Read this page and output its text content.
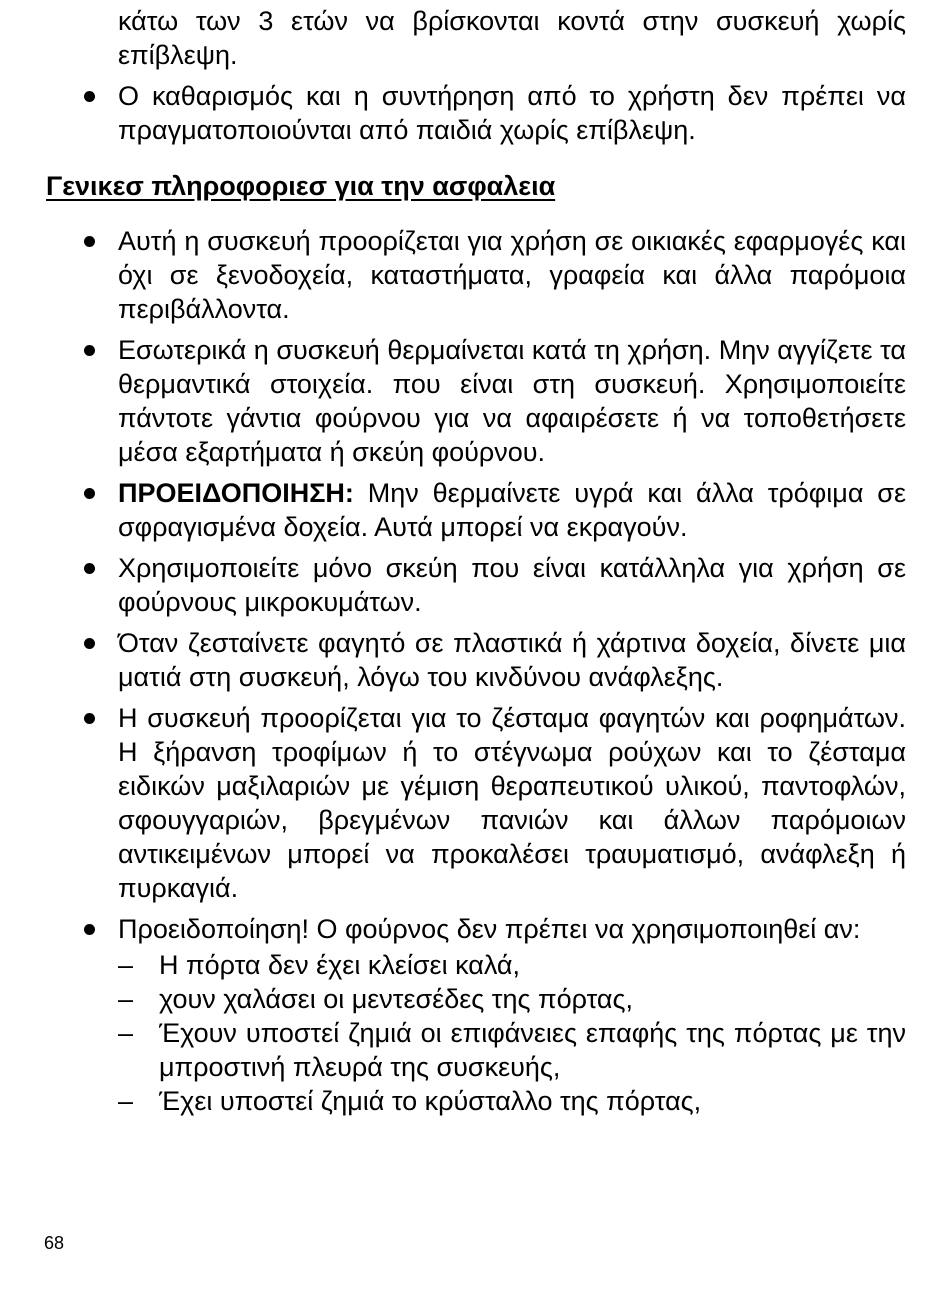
κάτω των 3 ετών να βρίσκονται κοντά στην συσκευή χωρίς επίβλεψη.
Ο καθαρισμός και η συντήρηση από το χρήστη δεν πρέπει να πραγματοποιούνται από παιδιά χωρίς επίβλεψη.
Γενικεσ πληροφοριεσ για την ασφαλεια
Αυτή η συσκευή προορίζεται για χρήση σε οικιακές εφαρμογές και όχι σε ξενοδοχεία, καταστήματα, γραφεία και άλλα παρόμοια περιβάλλοντα.
Εσωτερικά η συσκευή θερμαίνεται κατά τη χρήση. Μην αγγίζετε τα θερμαντικά στοιχεία. που είναι στη συσκευή. Χρησιμοποιείτε πάντοτε γάντια φούρνου για να αφαιρέσετε ή να τοποθετήσετε μέσα εξαρτήματα ή σκεύη φούρνου.
ΠΡΟΕΙΔΟΠΟΙΗΣΗ: Μην θερμαίνετε υγρά και άλλα τρόφιμα σε σφραγισμένα δοχεία. Αυτά μπορεί να εκραγούν.
Χρησιμοποιείτε μόνο σκεύη που είναι κατάλληλα για χρήση σε φούρνους μικροκυμάτων.
Όταν ζεσταίνετε φαγητό σε πλαστικά ή χάρτινα δοχεία, δίνετε μια ματιά στη συσκευή, λόγω του κινδύνου ανάφλεξης.
Η συσκευή προορίζεται για το ζέσταμα φαγητών και ροφημάτων. Η ξήρανση τροφίμων ή το στέγνωμα ρούχων και το ζέσταμα ειδικών μαξιλαριών με γέμιση θεραπευτικού υλικού, παντοφλών, σφουγγαριών, βρεγμένων πανιών και άλλων παρόμοιων αντικειμένων μπορεί να προκαλέσει τραυματισμό, ανάφλεξη ή πυρκαγιά.
Προειδοποίηση! Ο φούρνος δεν πρέπει να χρησιμοποιηθεί αν:
– Η πόρτα δεν έχει κλείσει καλά,
– χουν χαλάσει οι μεντεσέδες της πόρτας,
– Έχουν υποστεί ζημιά οι επιφάνειες επαφής της πόρτας με την μπροστινή πλευρά της συσκευής,
– Έχει υποστεί ζημιά το κρύσταλλο της πόρτας,
68
